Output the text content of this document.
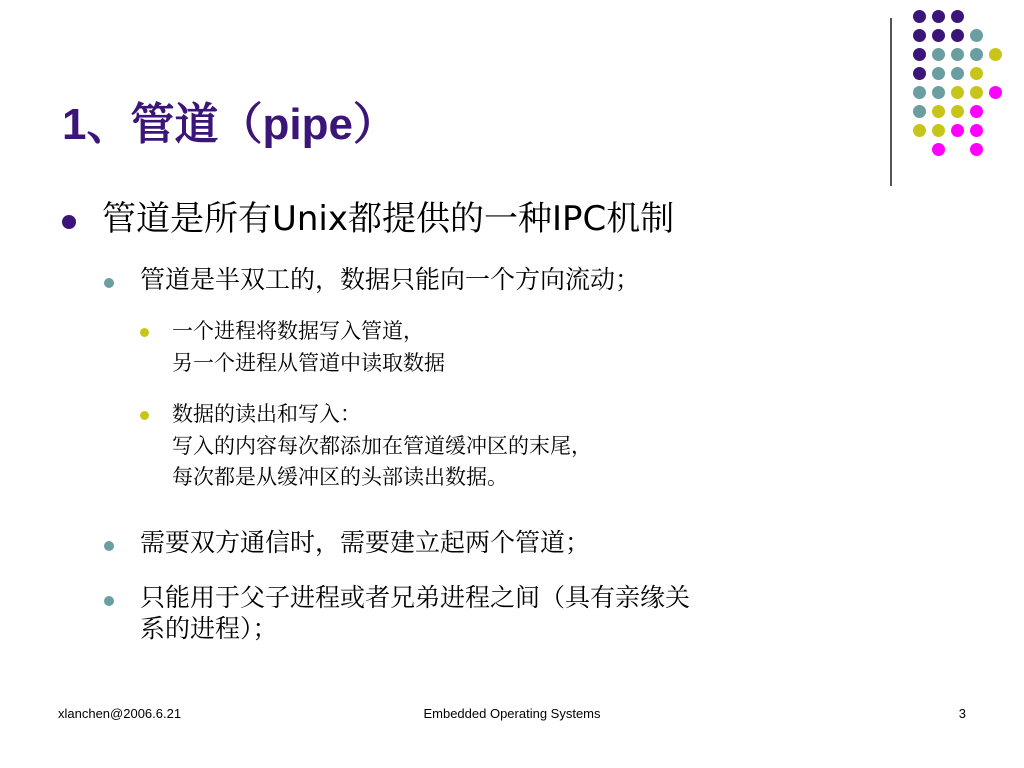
1、管道（pipe）
管道是所有Unix都提供的一种IPC机制
管道是半双工的，数据只能向一个方向流动；
一个进程将数据写入管道，
另一个进程从管道中读取数据
数据的读出和写入：
写入的内容每次都添加在管道缓冲区的末尾，
每次都是从缓冲区的头部读出数据。
需要双方通信时，需要建立起两个管道；
只能用于父子进程或者兄弟进程之间（具有亲缘关
系的进程）；
xlanchen@2006.6.21	Embedded Operating Systems	3
